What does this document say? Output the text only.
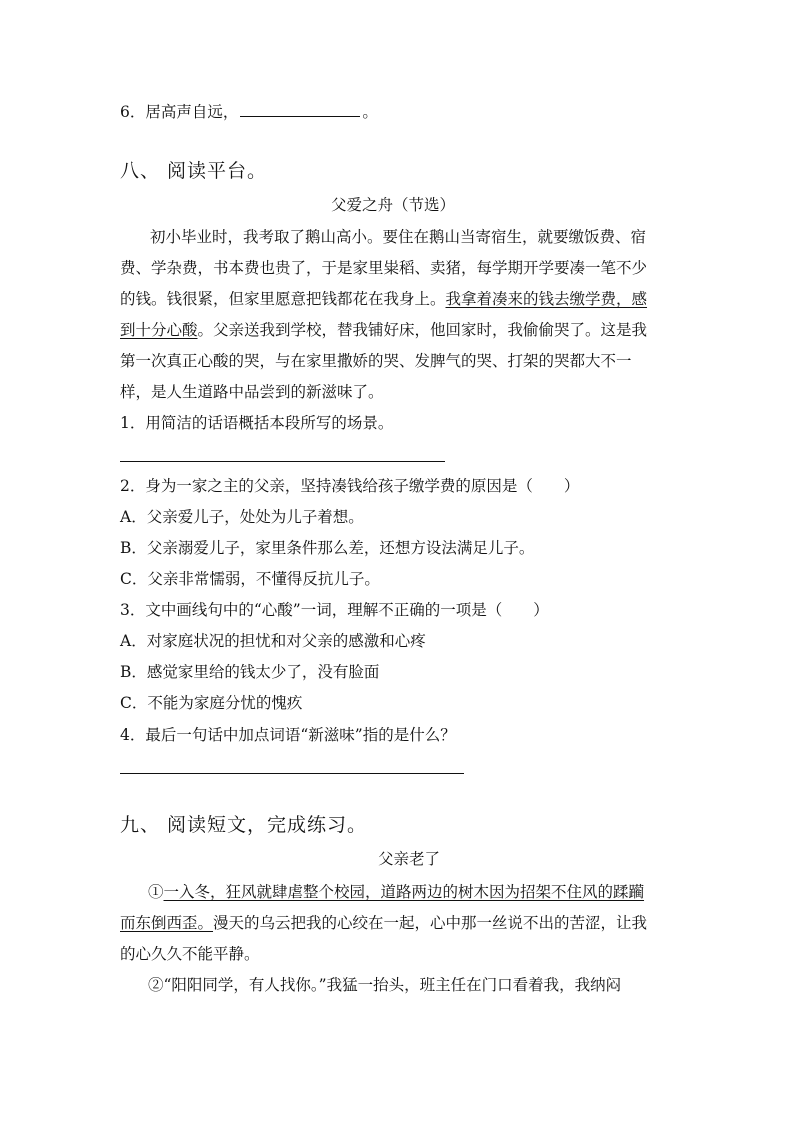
6．居高声自远，	。
八、 阅读平台。
父爱之舟（节选）
初小毕业时，我考取了鹅山高小。要住在鹅山当寄宿生，就要缴饭费、宿
费、学杂费，书本费也贵了，于是家里粜稻、卖猪，每学期开学要凑一笔不少
的钱。钱很紧，但家里愿意把钱都花在我身上。我拿着凑来的钱去缴学费，感
到十分心酸。父亲送我到学校，替我铺好床，他回家时，我偷偷哭了。这是我
第一次真正心酸的哭，与在家里撒娇的哭、发脾气的哭、打架的哭都大不一
样，是人生道路中品尝到的新滋味了。
1．用简洁的话语概括本段所写的场景。
2．身为一家之主的父亲，坚持凑钱给孩子缴学费的原因是（　　）
A．父亲爱儿子，处处为儿子着想。
B．父亲溺爱儿子，家里条件那么差，还想方设法满足儿子。
C．父亲非常懦弱，不懂得反抗儿子。
3．文中画线句中的“心酸”一词，理解不正确的一项是（　　）
A．对家庭状况的担忧和对父亲的感激和心疼
B．感觉家里给的钱太少了，没有脸面
C．不能为家庭分忧的愧疚
4．最后一句话中加点词语“新滋味”指的是什么？
九、 阅读短文，完成练习。
父亲老了
①一入冬，狂风就肆虐整个校园，道路两边的树木因为招架不住风的蹂躏
而东倒西歪。漫天的乌云把我的心绞在一起，心中那一丝说不出的苦涩，让我
的心久久不能平静。
②“阳阳同学，有人找你。”我猛一抬头，班主任在门口看着我，我纳闷
